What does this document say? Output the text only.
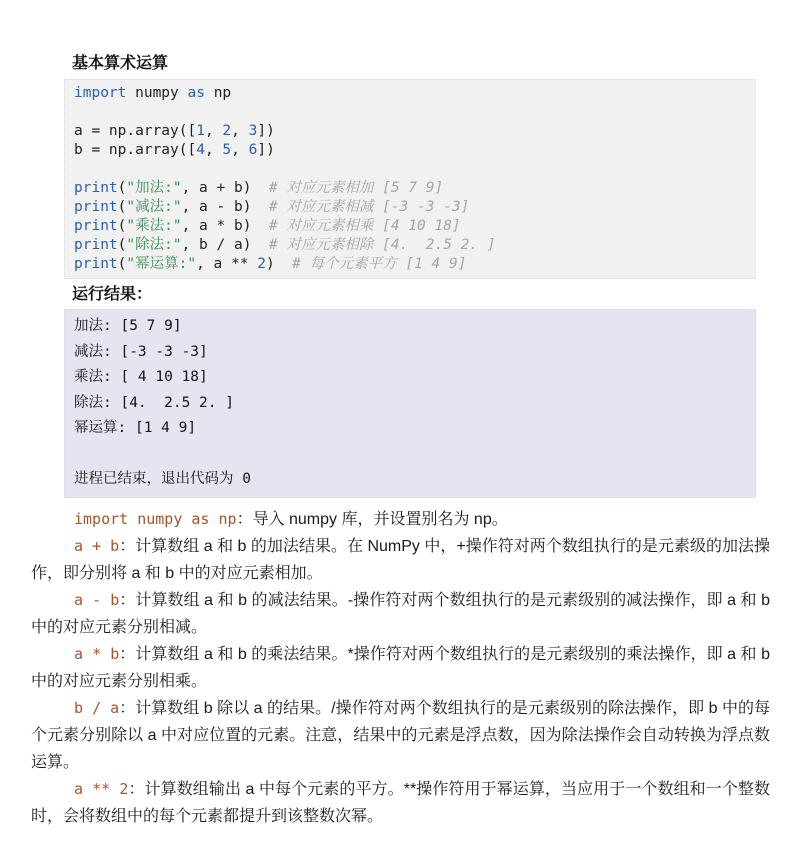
基本算术运算
import numpy as np

a = np.array([1, 2, 3])
b = np.array([4, 5, 6])

print("加法:", a + b)  # 对应元素相加 [5 7 9]
print("减法:", a - b)  # 对应元素相减 [-3 -3 -3]
print("乘法:", a * b)  # 对应元素相乘 [4 10 18]
print("除法:", b / a)  # 对应元素相除 [4.  2.5 2. ]
print("幂运算:", a ** 2)  # 每个元素平方 [1 4 9]
运行结果：
加法: [5 7 9]
减法: [-3 -3 -3]
乘法: [ 4 10 18]
除法: [4.  2.5 2. ]
幂运算: [1 4 9]

进程已结束，退出代码为 0

import numpy as np：导入 numpy 库，并设置别名为 np。

a + b：计算数组 a 和 b 的加法结果。在 NumPy 中，+操作符对两个数组执行的是元素级的加法操作，即分别将 a 和 b 中的对应元素相加。

a - b：计算数组 a 和 b 的减法结果。-操作符对两个数组执行的是元素级别的减法操作，即 a 和 b 中的对应元素分别相减。

a * b：计算数组 a 和 b 的乘法结果。*操作符对两个数组执行的是元素级别的乘法操作，即 a 和 b 中的对应元素分别相乘。

b / a：计算数组 b 除以 a 的结果。/操作符对两个数组执行的是元素级别的除法操作，即 b 中的每个元素分别除以 a 中对应位置的元素。注意，结果中的元素是浮点数，因为除法操作会自动转换为浮点数运算。

a ** 2：计算数组输出 a 中每个元素的平方。**操作符用于幂运算，当应用于一个数组和一个整数时，会将数组中的每个元素都提升到该整数次幂。
